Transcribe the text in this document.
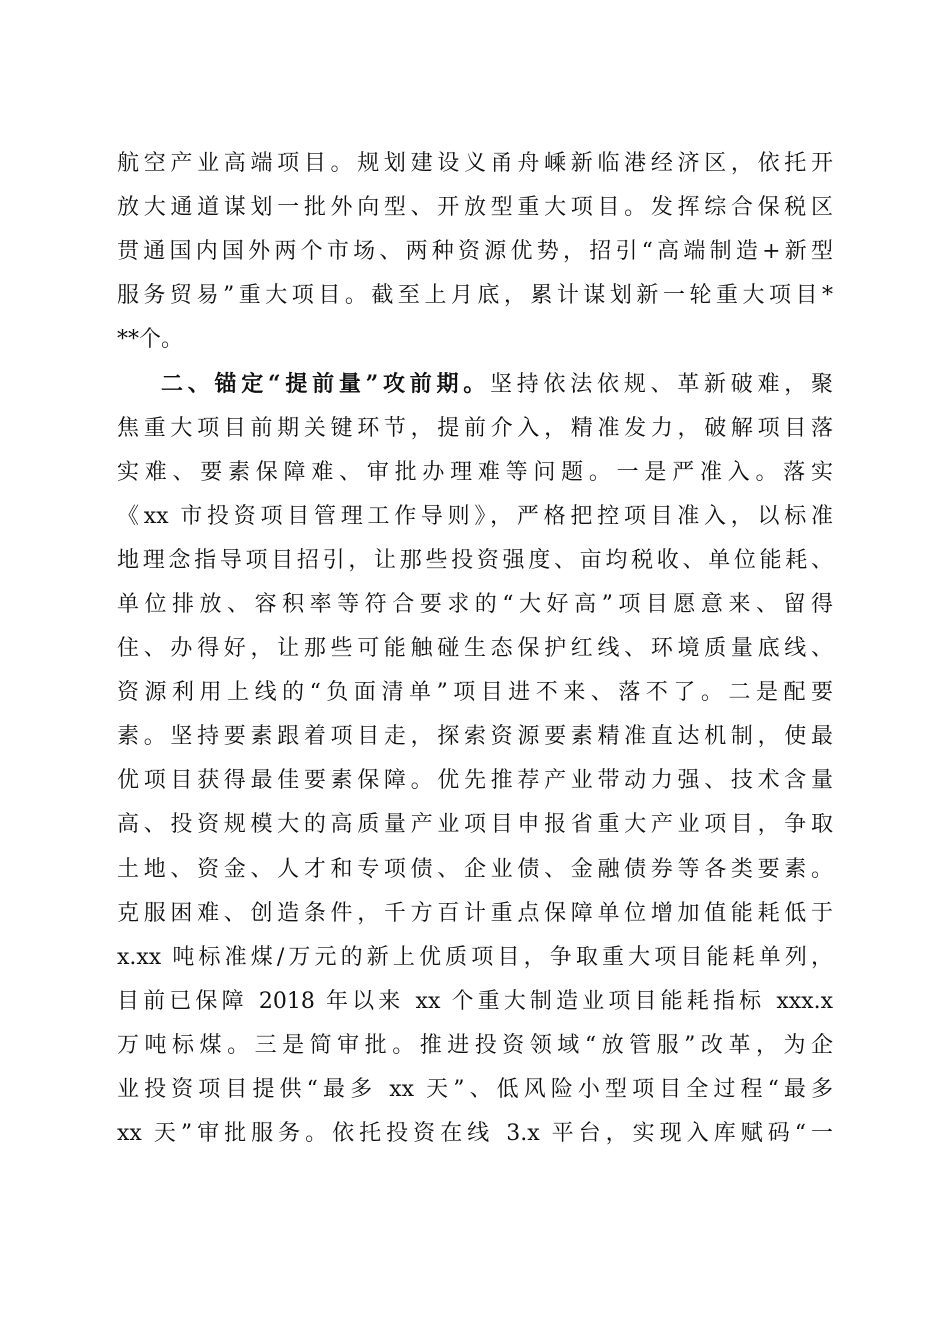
航空产业高端项目。规划建设义甬舟嵊新临港经济区，依托开
放大通道谋划一批外向型、开放型重大项目。发挥综合保税区
贯通国内国外两个市场、两种资源优势，招引“高端制造+新型
服务贸易”重大项目。截至上月底，累计谋划新一轮重大项目*
**个。
二、锚定“提前量”攻前期。坚持依法依规、革新破难，聚
焦重大项目前期关键环节，提前介入，精准发力，破解项目落
实难、要素保障难、审批办理难等问题。一是严准入。落实
《xx 市投资项目管理工作导则》，严格把控项目准入，以标准
地理念指导项目招引，让那些投资强度、亩均税收、单位能耗、
单位排放、容积率等符合要求的“大好高”项目愿意来、留得
住、办得好，让那些可能触碰生态保护红线、环境质量底线、
资源利用上线的“负面清单”项目进不来、落不了。二是配要
素。坚持要素跟着项目走，探索资源要素精准直达机制，使最
优项目获得最佳要素保障。优先推荐产业带动力强、技术含量
高、投资规模大的高质量产业项目申报省重大产业项目，争取
土地、资金、人才和专项债、企业债、金融债券等各类要素。
克服困难、创造条件，千方百计重点保障单位增加值能耗低于
x.xx 吨标准煤/万元的新上优质项目，争取重大项目能耗单列，
目前已保障 2018 年以来 xx 个重大制造业项目能耗指标 xxx.x
万吨标煤。三是简审批。推进投资领域“放管服”改革，为企
业投资项目提供“最多 xx 天”、低风险小型项目全过程“最多
xx 天”审批服务。依托投资在线 3.x 平台，实现入库赋码“一
